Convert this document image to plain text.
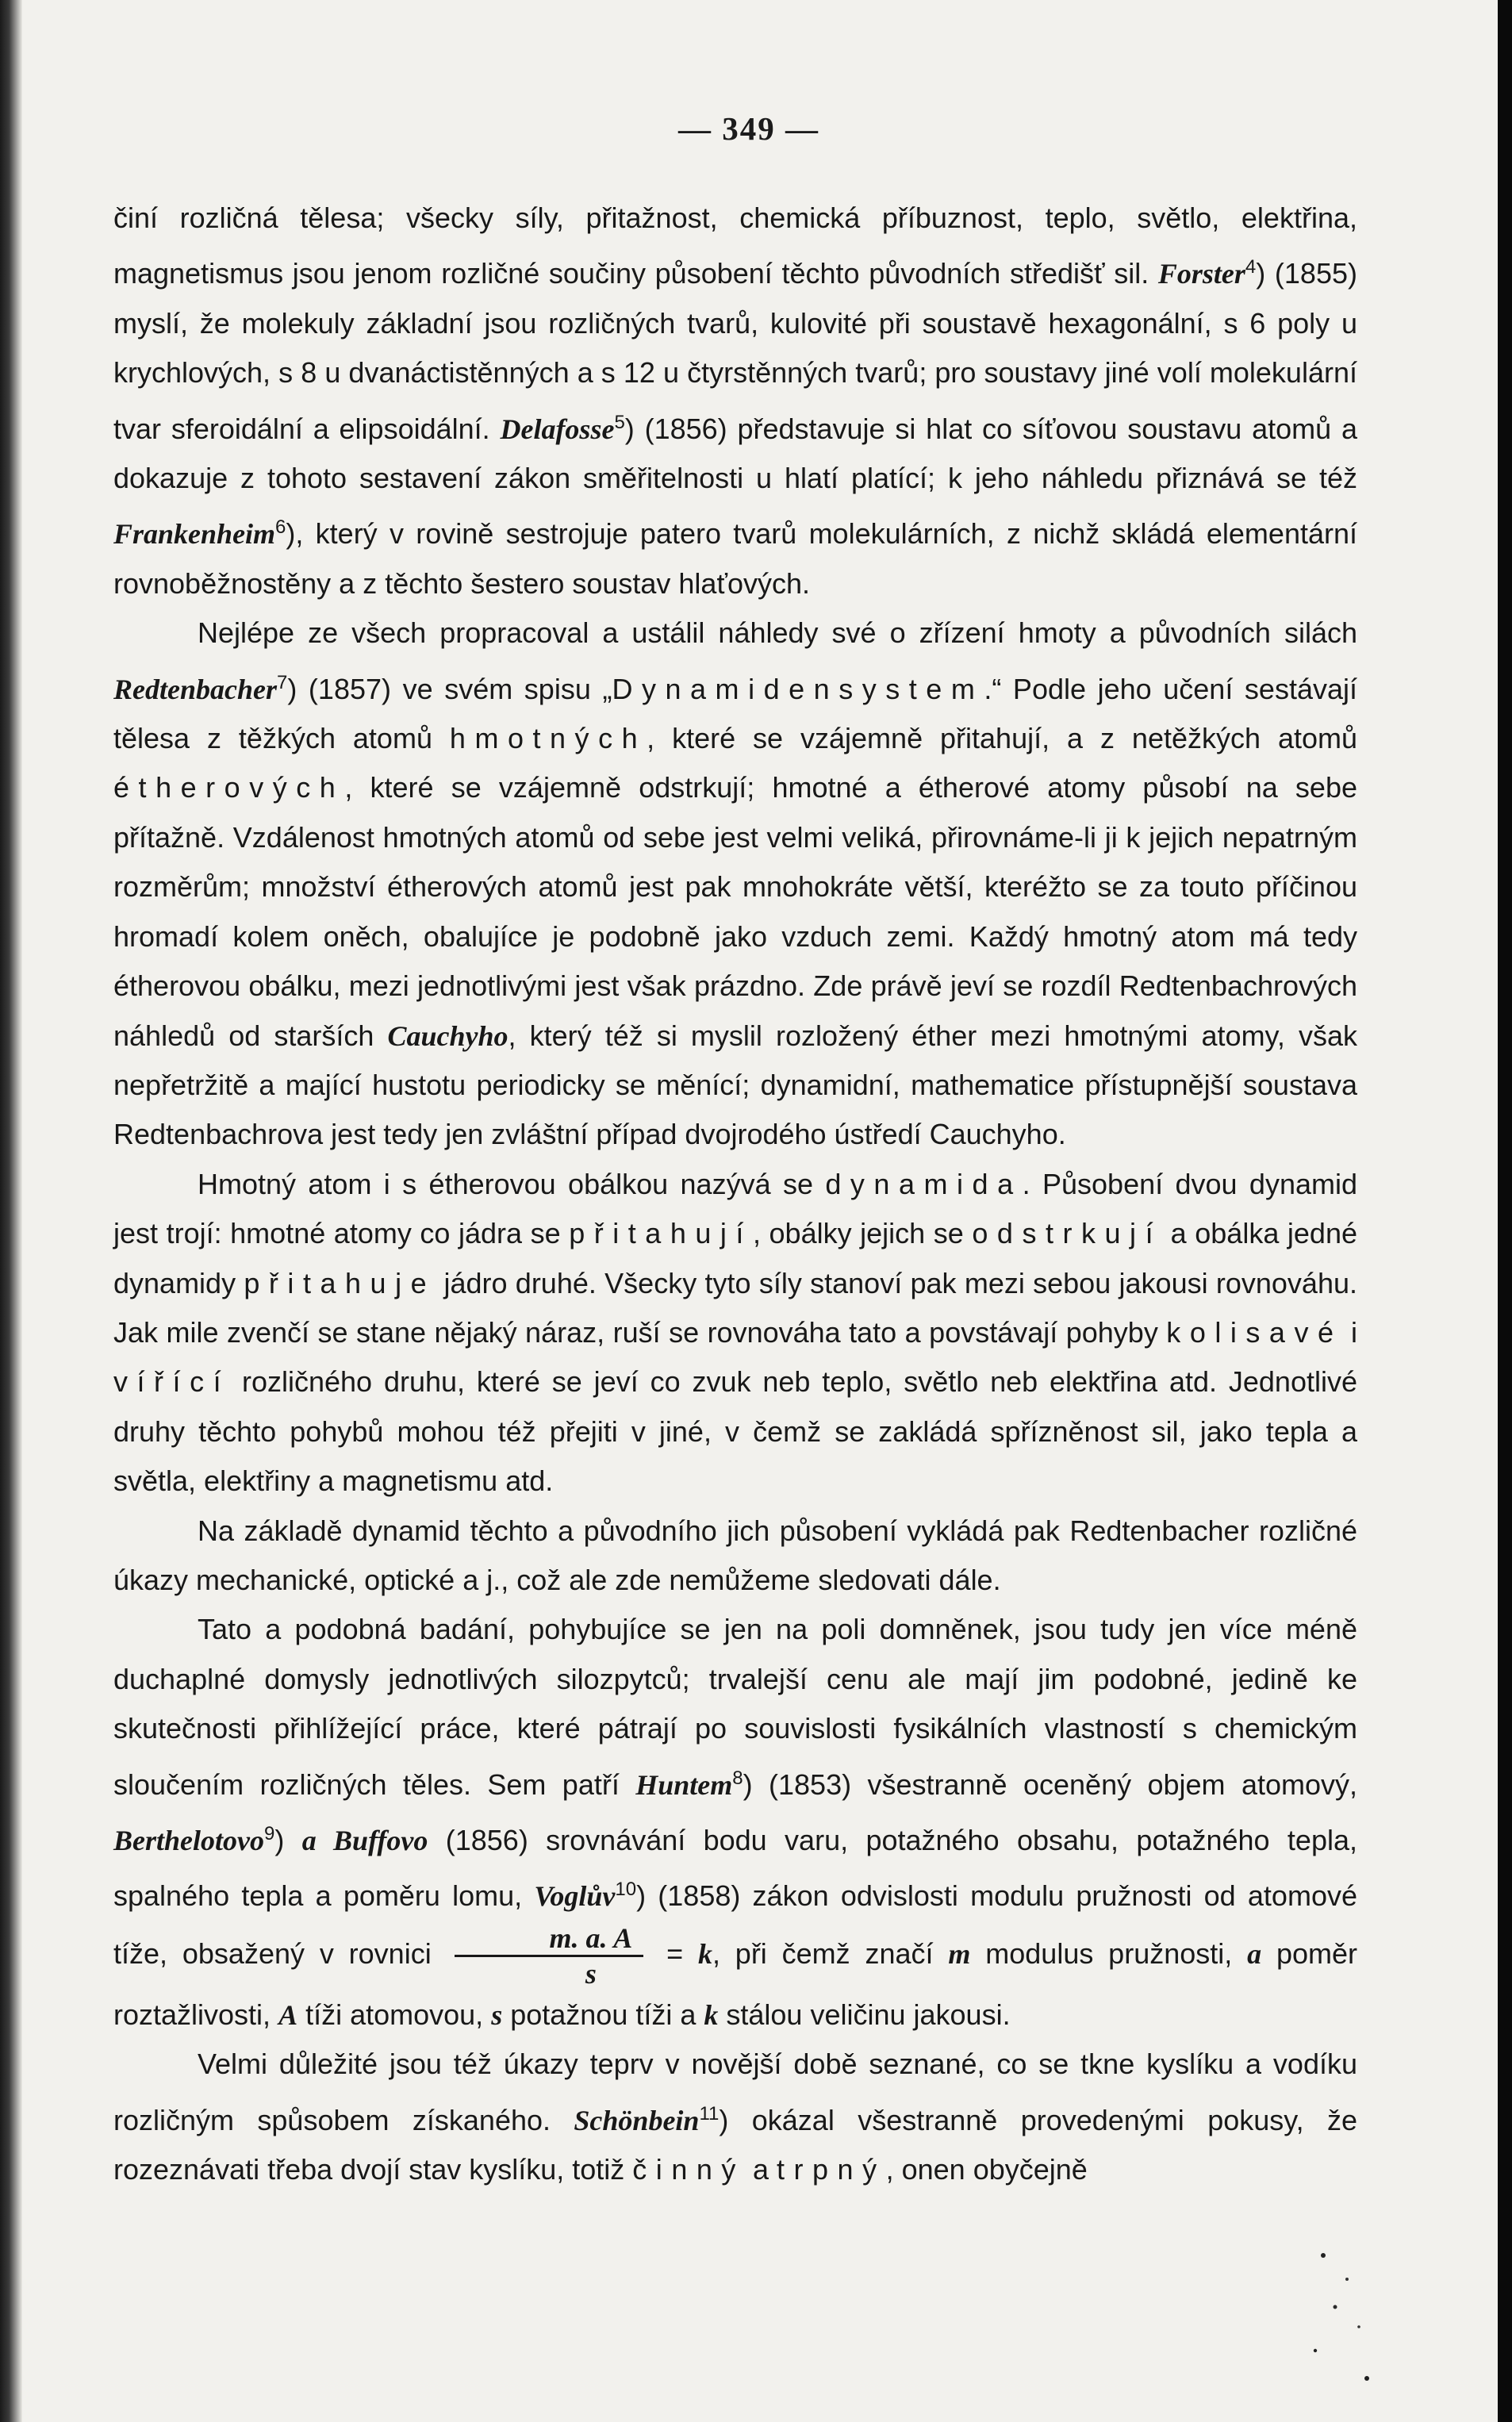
— 349 —

činí rozličná tělesa; všecky síly, přitažnost, chemická příbuznost, teplo, světlo, elektřina, magnetismus jsou jenom rozličné součiny působení těchto původních středišť sil. Forster$^4$) (1855) myslí, že molekuly základní jsou rozličných tvarů, kulovité při soustavě hexagonální, s 6 poly u krychlových, s 8 u dvanáctistěnných a s 12 u čtyrstěnných tvarů; pro soustavy jiné volí molekulární tvar sferoidální a elipsoidální. Delafosse$^5$) (1856) představuje si hlat co síťovou soustavu atomů a dokazuje z tohoto sestavení zákon směřitelnosti u hlatí platící; k jeho náhledu přiznává se též Frankenheim$^6$), který v rovině sestrojuje patero tvarů molekulárních, z nichž skládá elementární rovnoběžnostěny a z těchto šestero soustav hlaťových.

Nejlépe ze všech propracoval a ustálil náhledy své o zřízení hmoty a původních silách Redtenbacher$^7$) (1857) ve svém spisu „Dynamidensystem.“ Podle jeho učení sestávají tělesa z těžkých atomů hmotných, které se vzájemně přitahují, a z netěžkých atomů étherových, které se vzájemně odstrkují; hmotné a étherové atomy působí na sebe přítažně. Vzdálenost hmotných atomů od sebe jest velmi veliká, přirovnáme-li ji k jejich nepatrným rozměrům; množství étherových atomů jest pak mnohokráte větší, kteréžto se za touto příčinou hromadí kolem oněch, obalujíce je podobně jako vzduch zemi. Každý hmotný atom má tedy étherovou obálku, mezi jednotlivými jest však prázdno. Zde právě jeví se rozdíl Redtenbachrových náhledů od starších Cauchyho, který též si myslil rozložený éther mezi hmotnými atomy, však nepřetržitě a mající hustotu periodicky se měnící; dynamidní, mathematice přístupnější soustava Redtenbachrova jest tedy jen zvláštní případ dvojrodého ústředí Cauchyho.

Hmotný atom i s étherovou obálkou nazývá se dynamida. Působení dvou dynamid jest trojí: hmotné atomy co jádra se přitahují, obálky jejich se odstrkují a obálka jedné dynamidy přitahuje jádro druhé. Všecky tyto síly stanoví pak mezi sebou jakousi rovnováhu. Jak mile zvenčí se stane nějaký náraz, ruší se rovnováha tato a povstávají pohyby kolisavé i vířící rozličného druhu, které se jeví co zvuk neb teplo, světlo neb elektřina atd. Jednotlivé druhy těchto pohybů mohou též přejiti v jiné, v čemž se zakládá spřízněnost sil, jako tepla a světla, elektřiny a magnetismu atd.

Na základě dynamid těchto a původního jich působení vykládá pak Redtenbacher rozličné úkazy mechanické, optické a j., což ale zde nemůžeme sledovati dále.

Tato a podobná badání, pohybujíce se jen na poli domněnek, jsou tudy jen více méně duchaplné domysly jednotlivých silozpytců; trvalejší cenu ale mají jim podobné, jedině ke skutečnosti přihlížející práce, které pátrají po souvislosti fysikálních vlastností s chemickým sloučením rozličných těles. Sem patří Huntem$^8$) (1853) všestranně oceněný objem atomový, Berthelotovo$^9$) a Buffovo (1856) srovnávání bodu varu, potažného obsahu, potažného tepla, spalného tepla a poměru lomu, Voglův$^{10}$) (1858) zákon odvislosti modulu pružnosti od atomové tíže, obsažený v rovnici $\frac{m. a. A}{s} = k$, při čemž značí m modulus pružnosti, a poměr roztažlivosti, A tíži atomovou, s potažnou tíži a k stálou veličinu jakousi.

Velmi důležité jsou též úkazy teprv v novější době seznané, co se tkne kyslíku a vodíku rozličným spůsobem získaného. Schönbein$^{11}$) okázal všestranně provedenými pokusy, že rozeznávati třeba dvojí stav kyslíku, totiž činný a trpný, onen obyčejně
